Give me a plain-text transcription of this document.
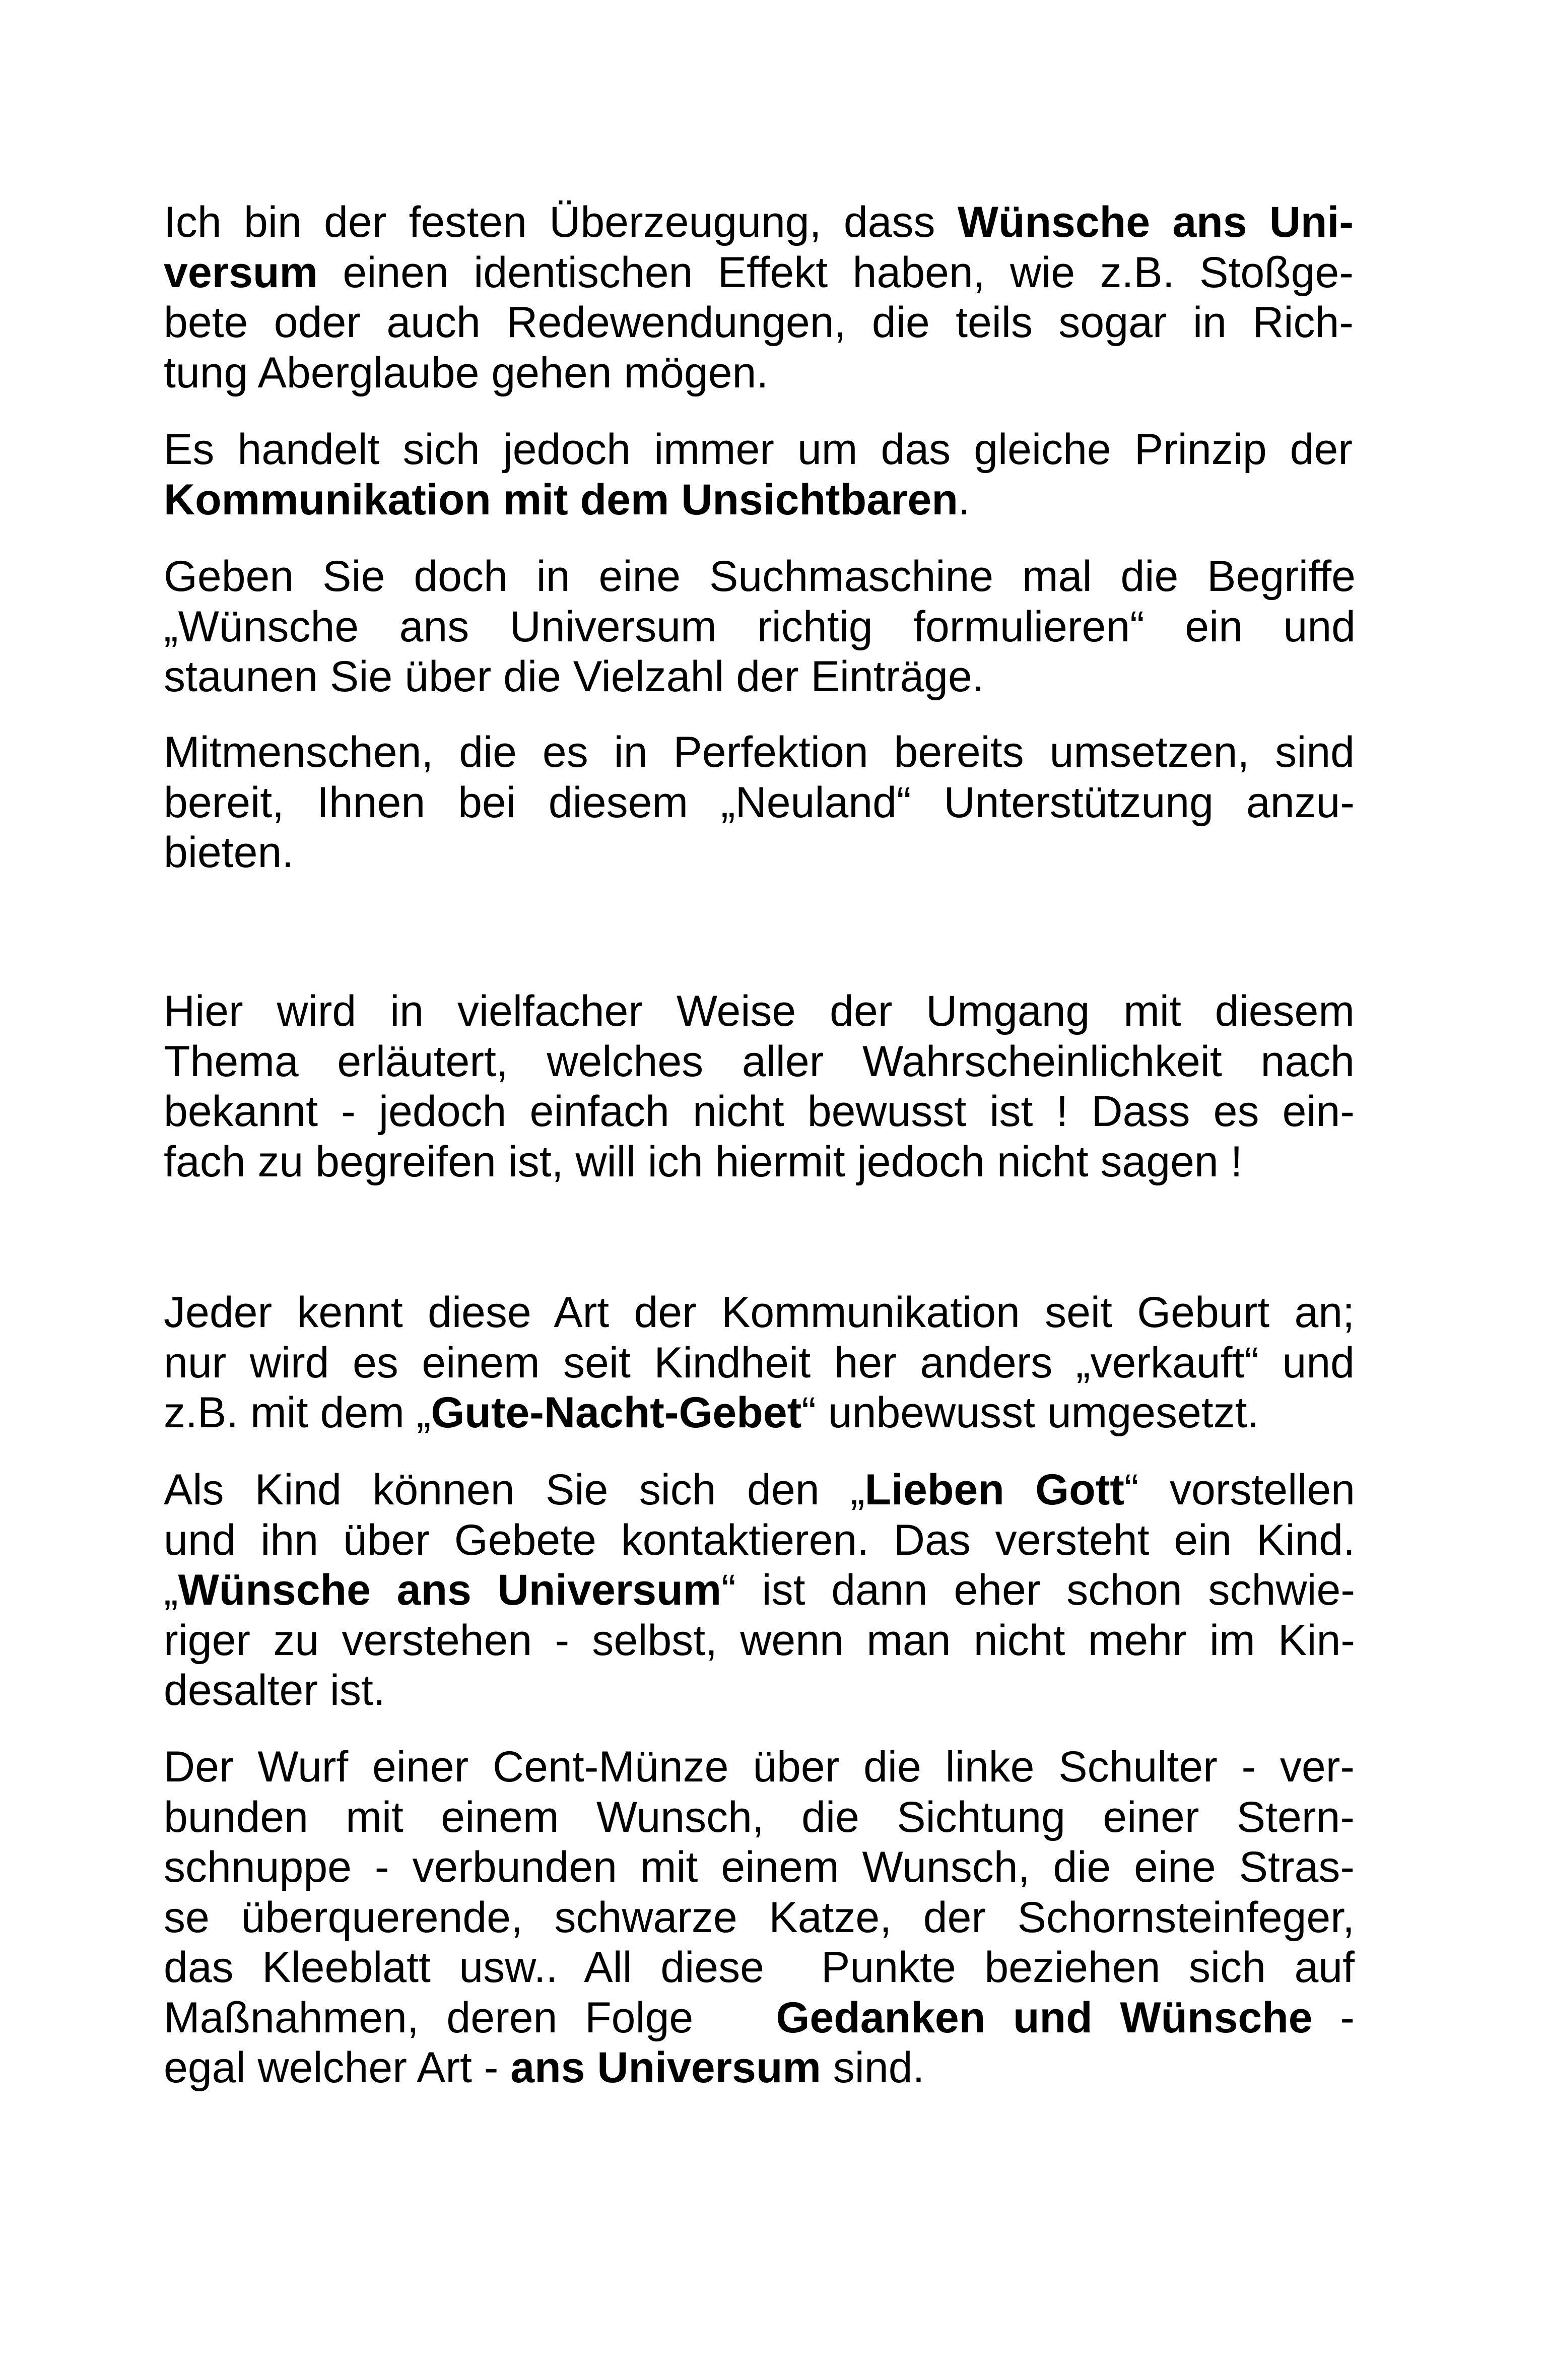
Ich bin der festen Überzeugung, dass Wünsche ans Uni-
versum einen identischen Effekt haben, wie z.B. Stoßge-
bete oder auch Redewendungen, die teils sogar in Rich-
tung Aberglaube gehen mögen.
Es handelt sich jedoch immer um das gleiche Prinzip der
Kommunikation mit dem Unsichtbaren.
Geben Sie doch in eine Suchmaschine mal die Begriffe
„Wünsche ans Universum richtig formulieren“ ein und
staunen Sie über die Vielzahl der Einträge.
Mitmenschen, die es in Perfektion bereits umsetzen, sind
bereit, Ihnen bei diesem „Neuland“ Unterstützung anzu-
bieten.
Hier wird in vielfacher Weise der Umgang mit diesem
Thema erläutert, welches aller Wahrscheinlichkeit nach
bekannt - jedoch einfach nicht bewusst ist ! Dass es ein-
fach zu begreifen ist, will ich hiermit jedoch nicht sagen !
Jeder kennt diese Art der Kommunikation seit Geburt an;
nur wird es einem seit Kindheit her anders „verkauft“ und
z.B. mit dem „Gute-Nacht-Gebet“ unbewusst umgesetzt.
Als Kind können Sie sich den „Lieben Gott“ vorstellen
und ihn über Gebete kontaktieren. Das versteht ein Kind.
„Wünsche ans Universum“ ist dann eher schon schwie-
riger zu verstehen - selbst, wenn man nicht mehr im Kin-
desalter ist.
Der Wurf einer Cent-Münze über die linke Schulter - ver-
bunden mit einem Wunsch, die Sichtung einer Stern-
schnuppe - verbunden mit einem Wunsch, die eine Stras-
se überquerende, schwarze Katze, der Schornsteinfeger,
das Kleeblatt usw.. All diese  Punkte beziehen sich auf
Maßnahmen, deren Folge   Gedanken und Wünsche -
egal welcher Art - ans Universum sind.
